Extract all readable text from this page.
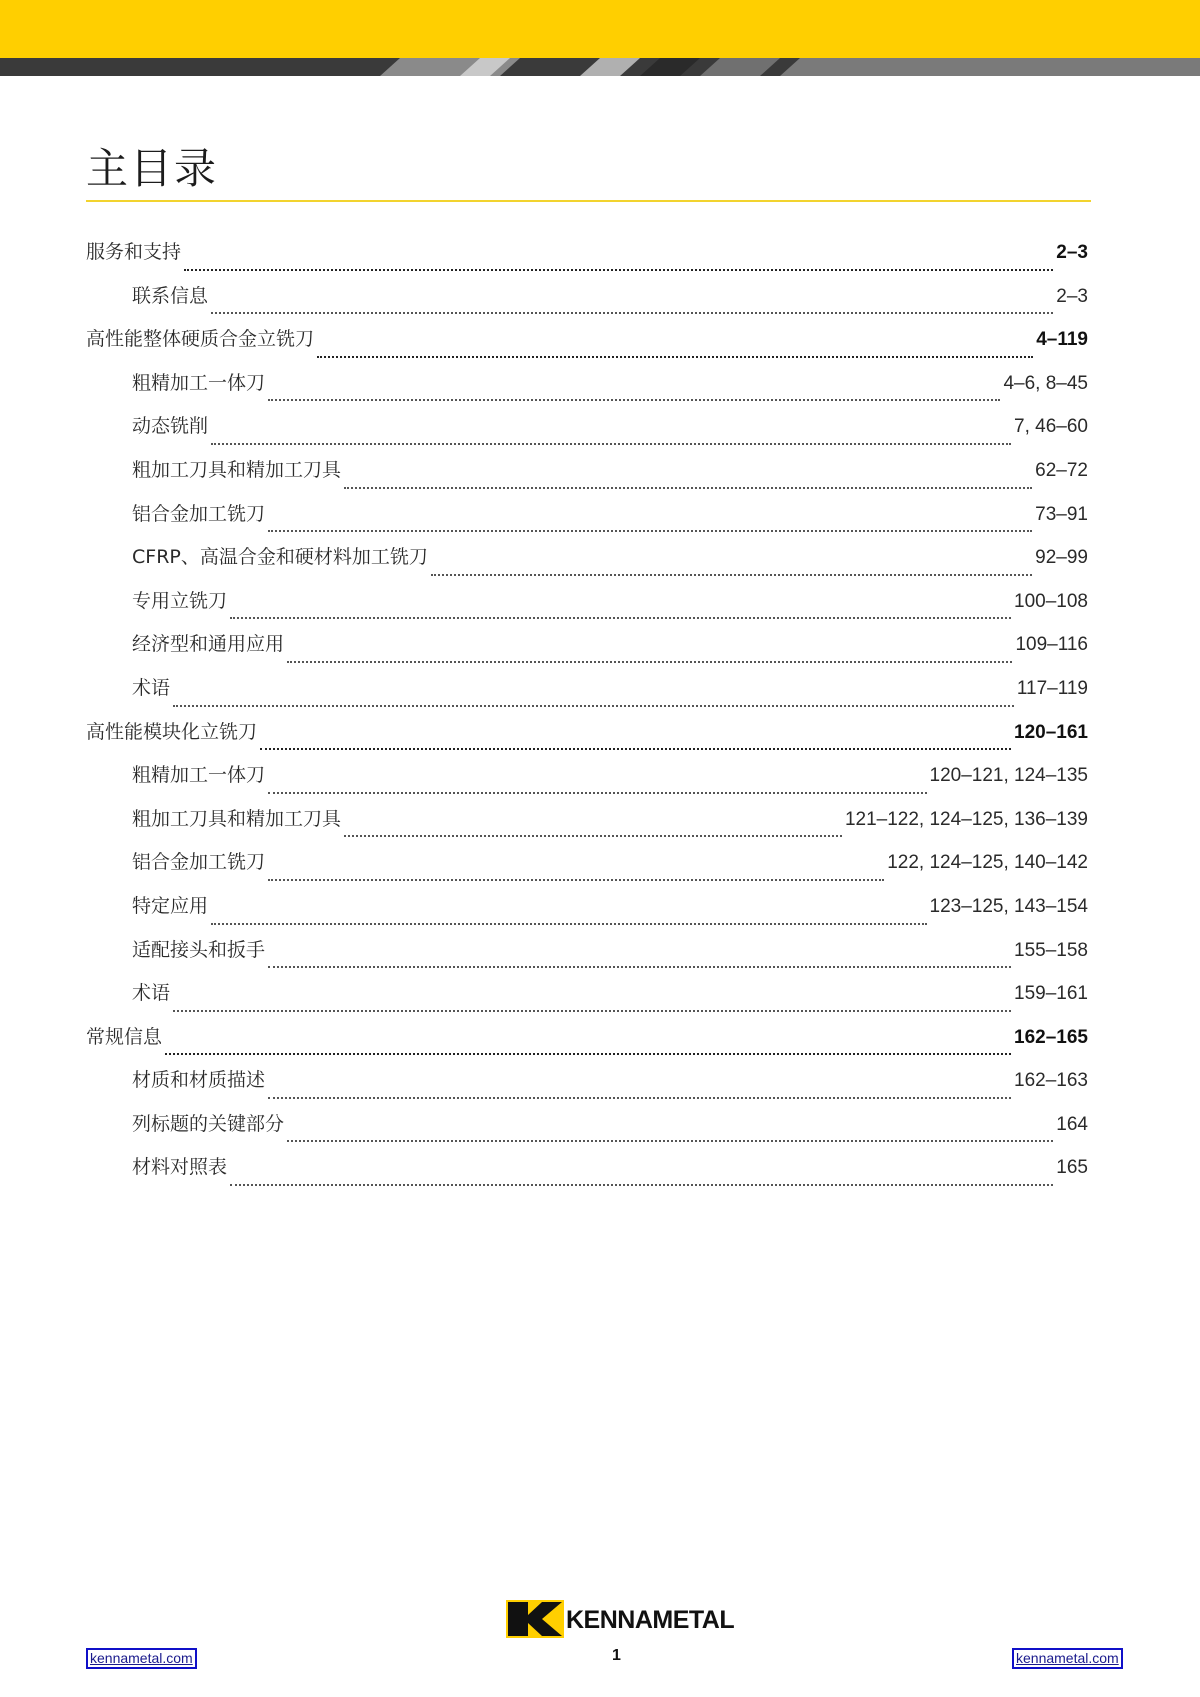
主目录
服务和支持	2–3
联系信息	2–3
高性能整体硬质合金立铣刀	4–119
粗精加工一体刀	4–6, 8–45
动态铣削	7, 46–60
粗加工刀具和精加工刀具	62–72
铝合金加工铣刀	73–91
CFRP、高温合金和硬材料加工铣刀	92–99
专用立铣刀	100–108
经济型和通用应用	109–116
术语	117–119
高性能模块化立铣刀	120–161
粗精加工一体刀	120–121, 124–135
粗加工刀具和精加工刀具	121–122, 124–125, 136–139
铝合金加工铣刀	122, 124–125, 140–142
特定应用	123–125, 143–154
适配接头和扳手	155–158
术语	159–161
常规信息	162–165
材质和材质描述	162–163
列标题的关键部分	164
材料对照表	165
KENNAMETAL
kennametal.com	1	kennametal.com
